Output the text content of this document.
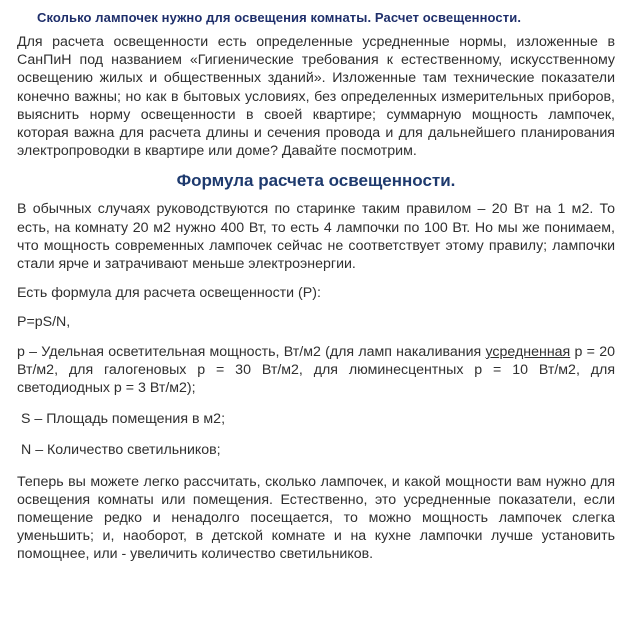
Сколько лампочек нужно для освещения комнаты. Расчет освещенности.

Для расчета освещенности есть определенные усредненные нормы, изложенные в СанПиН под названием «Гигиенические требования к естественному, искусственному освещению жилых и общественных зданий». Изложенные там технические показатели конечно важны; но как в бытовых условиях, без определенных измерительных приборов, выяснить норму освещенности в своей квартире; суммарную мощность лампочек, которая важна для расчета длины и сечения провода и для дальнейшего планирования электропроводки в квартире или доме? Давайте посмотрим.

Формула расчета освещенности.

В обычных случаях руководствуются по старинке таким правилом – 20 Вт на 1 м2. То есть, на комнату 20 м2 нужно 400 Вт, то есть 4 лампочки по 100 Вт. Но мы же понимаем, что мощность современных лампочек сейчас не соответствует этому правилу; лампочки стали ярче и затрачивают меньше электроэнергии.

Есть формула для расчета освещенности (Р):

Р=pS/N,

p – Удельная осветительная мощность, Вт/м2 (для ламп накаливания усредненная p = 20 Вт/м2, для галогеновых p = 30 Вт/м2, для люминесцентных p = 10 Вт/м2, для светодиодных p = 3 Вт/м2);

S – Площадь помещения в м2;

N – Количество светильников;

Теперь вы можете легко рассчитать, сколько лампочек, и какой мощности вам нужно для освещения комнаты или помещения. Естественно, это усредненные показатели, если помещение редко и ненадолго посещается, то можно мощность лампочек слегка уменьшить; и, наоборот, в детской комнате и на кухне лампочки лучше установить помощнее, или - увеличить количество светильников.
